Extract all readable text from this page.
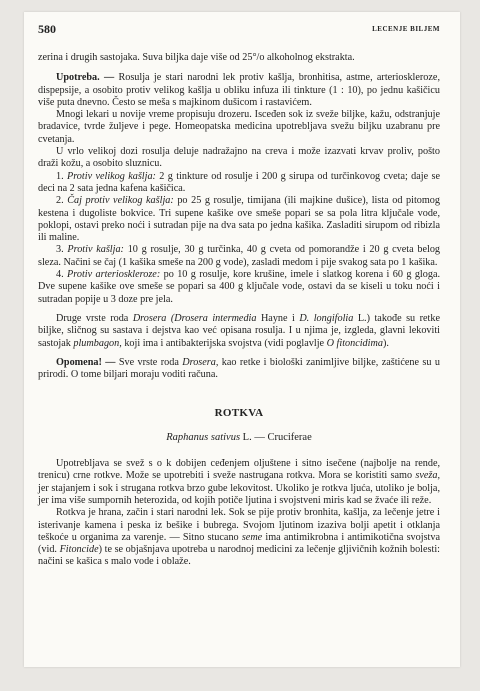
580	LECENJE BILJEM

zerina i drugih sastojaka. Suva biljka daje više od 25°/o alkoholnog ekstrakta.

Upotreba. — Rosulja je stari narodni lek protiv kašlja, bronhitisa, astme, arterioskleroze, dispepsije, a osobito protiv velikog kašlja u obliku infuza ili tinkture (1 : 10), po jednu kašičicu više puta dnevno. Često se meša s majkinom dušicom i rastavićem.

Mnogi lekari u novije vreme propisuju drozeru. Isceđen sok iz sveže biljke, kažu, odstranjuje bradavice, tvrde žuljeve i pege. Homeopatska medicina upotrebljava svežu biljku uzabranu pre cvetanja.

U vrlo velikoj dozi rosulja deluje nadražajno na creva i može izazvati krvav proliv, pošto draži kožu, a osobito sluznicu.

1. Protiv velikog kašlja: 2 g tinkture od rosulje i 200 g sirupa od turčinkovog cveta; daje se deci na 2 sata jedna kafena kašičica.

2. Čaj protiv velikog kašlja: po 25 g rosulje, timijana (ili majkine dušice), lista od pitomog kestena i dugoliste bokvice. Tri supene kašike ove smeše popari se sa pola litra ključale vode, poklopi, ostavi preko noći i sutradan pije na dva sata po jedna kašika. Zasladiti sirupom od ribizla ili maline.

3. Protiv kašlja: 10 g rosulje, 30 g turčinka, 40 g cveta od pomorandže i 20 g cveta belog sleza. Načini se čaj (1 kašika smeše na 200 g vode), zasladi medom i pije svakog sata po 1 kašika.

4. Protiv arterioskleroze: po 10 g rosulje, kore krušine, imele i slatkog korena i 60 g gloga. Dve supene kašike ove smeše se popari sa 400 g ključale vode, ostavi da se kiseli u toku noći i sutradan popije u 3 doze pre jela.

Druge vrste roda Drosera (Drosera intermedia Hayne i D. longifolia L.) takođe su retke biljke, sličnog su sastava i dejstva kao već opisana rosulja. I u njima je, izgleda, glavni lekoviti sastojak plumbagon, koji ima i antibakterijska svojstva (vidi poglavlje O fitoncidima).

Opomena! — Sve vrste roda Drosera, kao retke i biološki zanimljive biljke, zaštićene su u prirodi. O tome biljari moraju voditi računa.

ROTKVA
Raphanus sativus L. — Cruciferae

Upotrebljava se svež s o k dobijen ceđenjem oljuštene i sitno isečene (najbolje na rende, trenicu) crne rotkve. Može se upotrebiti i sveže nastrugana rotkva. Mora se koristiti samo sveža, jer stajanjem i sok i strugana rotkva brzo gube lekovitost. Ukoliko je rotkva ljuća, utoliko je bolja, jer ima više sumpornih heterozida, od kojih potiče ljutina i svojstveni miris kad se žvaće ili reže.

Rotkva je hrana, začin i stari narodni lek. Sok se pije protiv bronhita, kašlja, za lečenje jetre i isterivanje kamena i peska iz bešike i bubrega. Svojom ljutinom izaziva bolji apetit i otklanja teškoće u organima za varenje. — Sitno stucano seme ima antimikrobna i antimikotična svojstva (vid. Fitoncide) te se objašnjava upotreba u narodnoj medicini za lečenje gljivičnih kožnih bolesti: načini se kašica s malo vode i oblaže.
